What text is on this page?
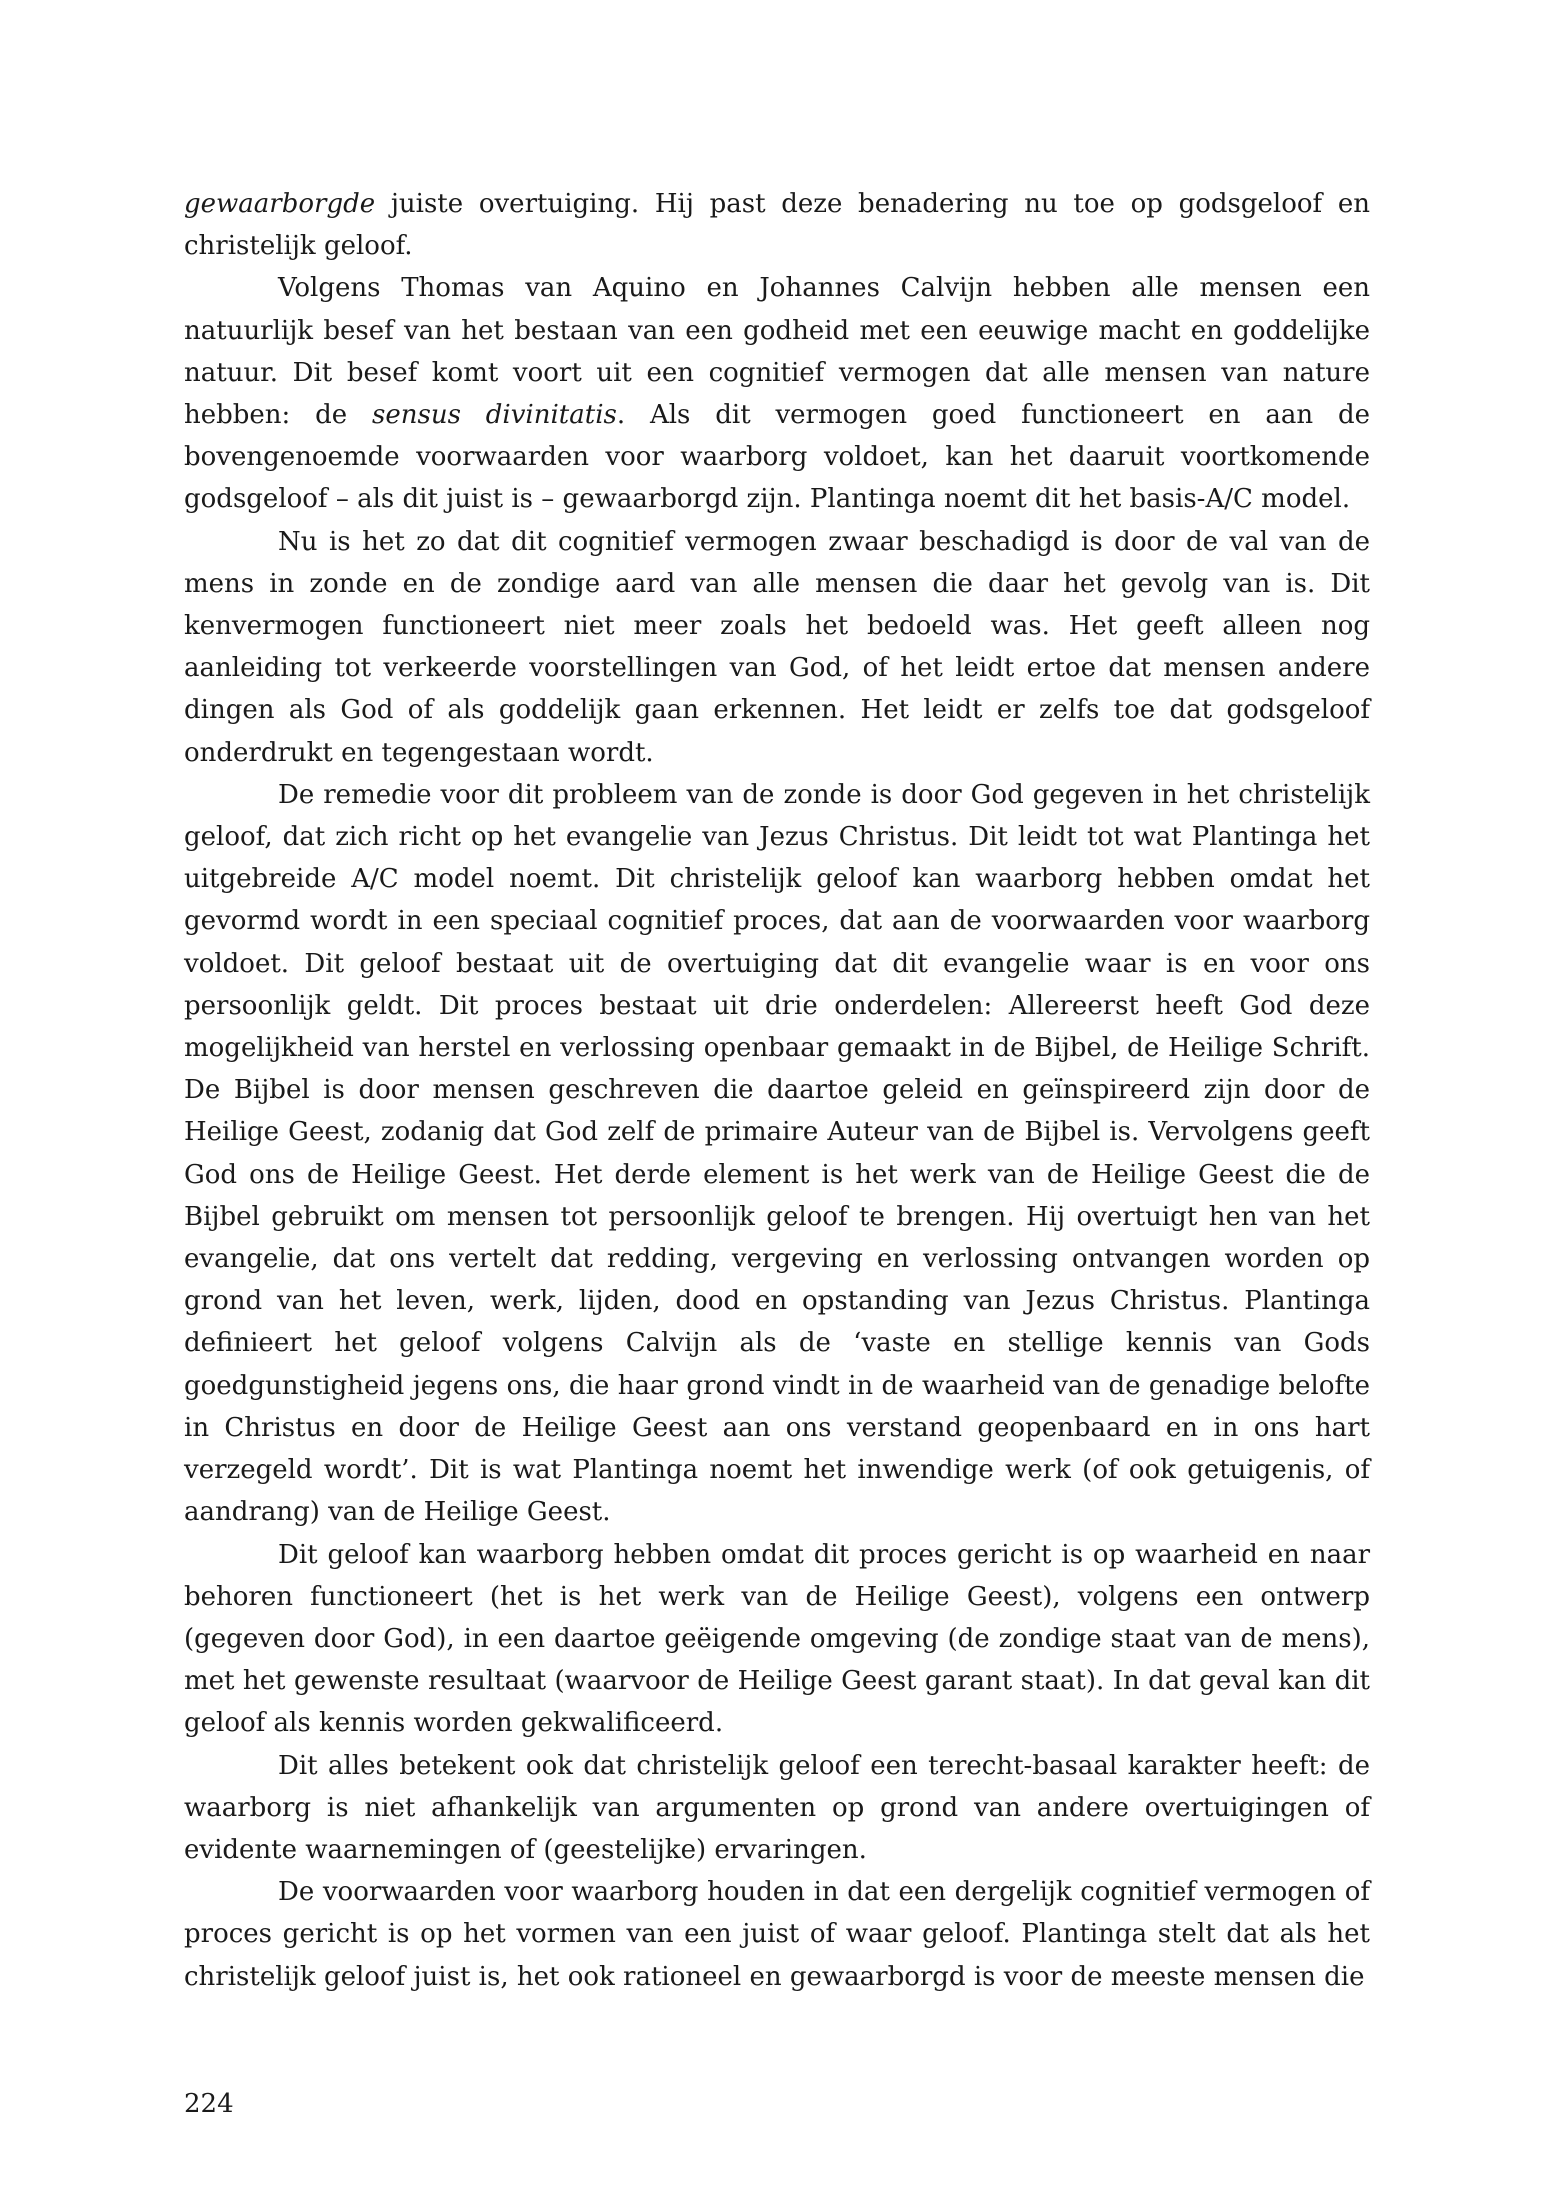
gewaarborgde juiste overtuiging. Hij past deze benadering nu toe op godsgeloof en christelijk geloof.

Volgens Thomas van Aquino en Johannes Calvijn hebben alle mensen een natuurlijk besef van het bestaan van een godheid met een eeuwige macht en goddelijke natuur. Dit besef komt voort uit een cognitief vermogen dat alle mensen van nature hebben: de sensus divinitatis. Als dit vermogen goed functioneert en aan de bovengenoemde voorwaarden voor waarborg voldoet, kan het daaruit voortkomende godsgeloof – als dit juist is – gewaarborgd zijn. Plantinga noemt dit het basis-A/C model.

Nu is het zo dat dit cognitief vermogen zwaar beschadigd is door de val van de mens in zonde en de zondige aard van alle mensen die daar het gevolg van is. Dit kenvermogen functioneert niet meer zoals het bedoeld was. Het geeft alleen nog aanleiding tot verkeerde voorstellingen van God, of het leidt ertoe dat mensen andere dingen als God of als goddelijk gaan erkennen. Het leidt er zelfs toe dat godsgeloof onderdrukt en tegengestaan wordt.

De remedie voor dit probleem van de zonde is door God gegeven in het christelijk geloof, dat zich richt op het evangelie van Jezus Christus. Dit leidt tot wat Plantinga het uitgebreide A/C model noemt. Dit christelijk geloof kan waarborg hebben omdat het gevormd wordt in een speciaal cognitief proces, dat aan de voorwaarden voor waarborg voldoet. Dit geloof bestaat uit de overtuiging dat dit evangelie waar is en voor ons persoonlijk geldt. Dit proces bestaat uit drie onderdelen: Allereerst heeft God deze mogelijkheid van herstel en verlossing openbaar gemaakt in de Bijbel, de Heilige Schrift. De Bijbel is door mensen geschreven die daartoe geleid en geïnspireerd zijn door de Heilige Geest, zodanig dat God zelf de primaire Auteur van de Bijbel is. Vervolgens geeft God ons de Heilige Geest. Het derde element is het werk van de Heilige Geest die de Bijbel gebruikt om mensen tot persoonlijk geloof te brengen. Hij overtuigt hen van het evangelie, dat ons vertelt dat redding, vergeving en verlossing ontvangen worden op grond van het leven, werk, lijden, dood en opstanding van Jezus Christus. Plantinga definieert het geloof volgens Calvijn als de ‘vaste en stellige kennis van Gods goedgunstigheid jegens ons, die haar grond vindt in de waarheid van de genadige belofte in Christus en door de Heilige Geest aan ons verstand geopenbaard en in ons hart verzegeld wordt’. Dit is wat Plantinga noemt het inwendige werk (of ook getuigenis, of aandrang) van de Heilige Geest.

Dit geloof kan waarborg hebben omdat dit proces gericht is op waarheid en naar behoren functioneert (het is het werk van de Heilige Geest), volgens een ontwerp (gegeven door God), in een daartoe geëigende omgeving (de zondige staat van de mens), met het gewenste resultaat (waarvoor de Heilige Geest garant staat). In dat geval kan dit geloof als kennis worden gekwalificeerd.

Dit alles betekent ook dat christelijk geloof een terecht-basaal karakter heeft: de waarborg is niet afhankelijk van argumenten op grond van andere overtuigingen of evidente waarnemingen of (geestelijke) ervaringen.

De voorwaarden voor waarborg houden in dat een dergelijk cognitief vermogen of proces gericht is op het vormen van een juist of waar geloof. Plantinga stelt dat als het christelijk geloof juist is, het ook rationeel en gewaarborgd is voor de meeste mensen die

224
